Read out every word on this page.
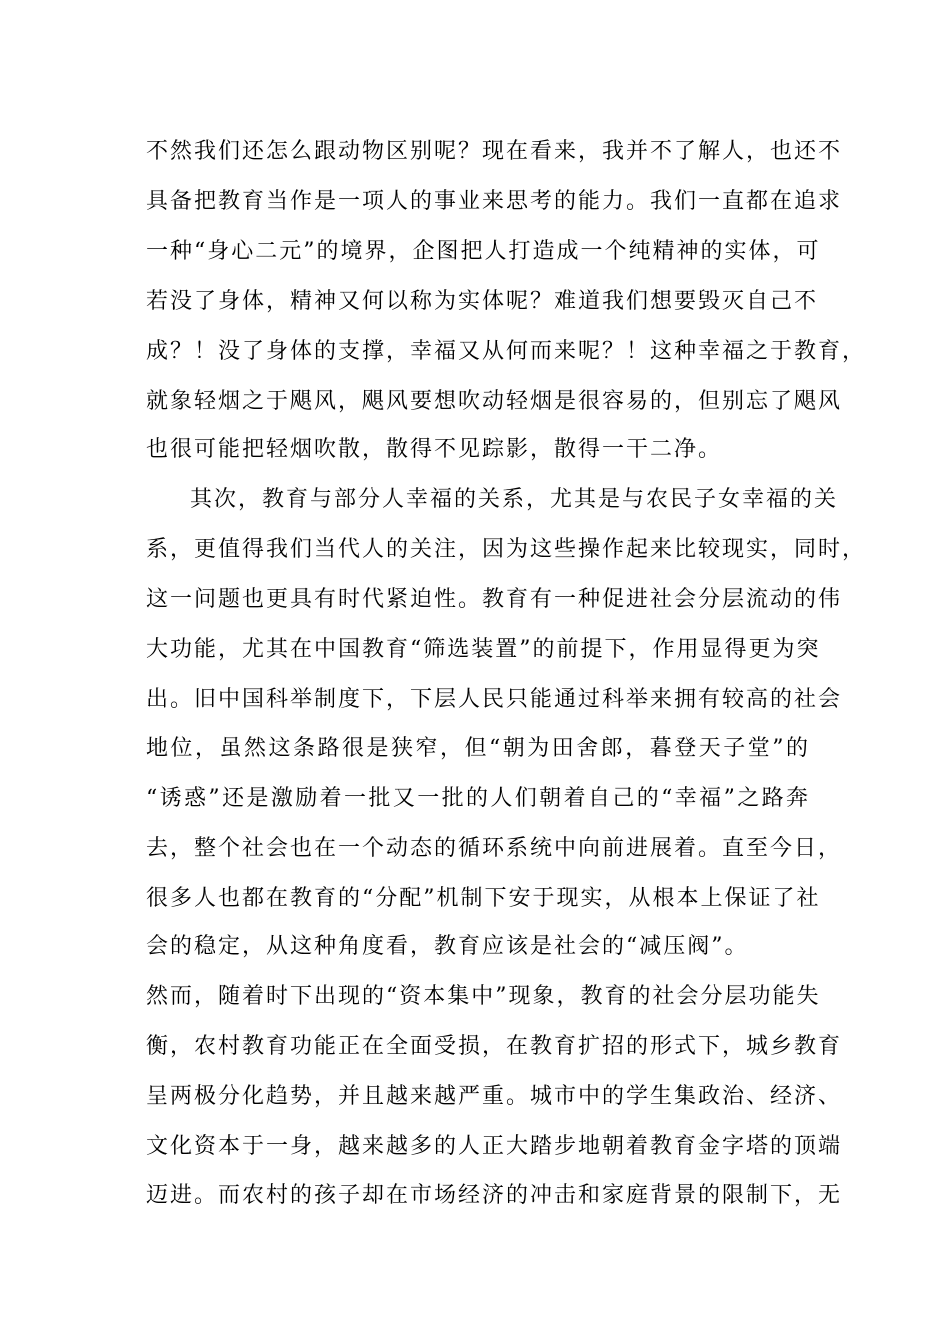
不然我们还怎么跟动物区别呢？现在看来，我并不了解人，也还不
具备把教育当作是一项人的事业来思考的能力。我们一直都在追求
一种“身心二元”的境界，企图把人打造成一个纯精神的实体，可
若没了身体，精神又何以称为实体呢？难道我们想要毁灭自己不
成？！没了身体的支撑，幸福又从何而来呢？！这种幸福之于教育，
就象轻烟之于飓风，飓风要想吹动轻烟是很容易的，但别忘了飓风
也很可能把轻烟吹散，散得不见踪影，散得一干二净。
其次，教育与部分人幸福的关系，尤其是与农民子女幸福的关
系，更值得我们当代人的关注，因为这些操作起来比较现实，同时，
这一问题也更具有时代紧迫性。教育有一种促进社会分层流动的伟
大功能，尤其在中国教育“筛选装置”的前提下，作用显得更为突
出。旧中国科举制度下，下层人民只能通过科举来拥有较高的社会
地位，虽然这条路很是狭窄，但“朝为田舍郎，暮登天子堂”的
“诱惑”还是激励着一批又一批的人们朝着自己的“幸福”之路奔
去，整个社会也在一个动态的循环系统中向前进展着。直至今日，
很多人也都在教育的“分配”机制下安于现实，从根本上保证了社
会的稳定，从这种角度看，教育应该是社会的“减压阀”。
然而，随着时下出现的“资本集中”现象，教育的社会分层功能失
衡，农村教育功能正在全面受损，在教育扩招的形式下，城乡教育
呈两极分化趋势，并且越来越严重。城市中的学生集政治、经济、
文化资本于一身，越来越多的人正大踏步地朝着教育金字塔的顶端
迈进。而农村的孩子却在市场经济的冲击和家庭背景的限制下，无
